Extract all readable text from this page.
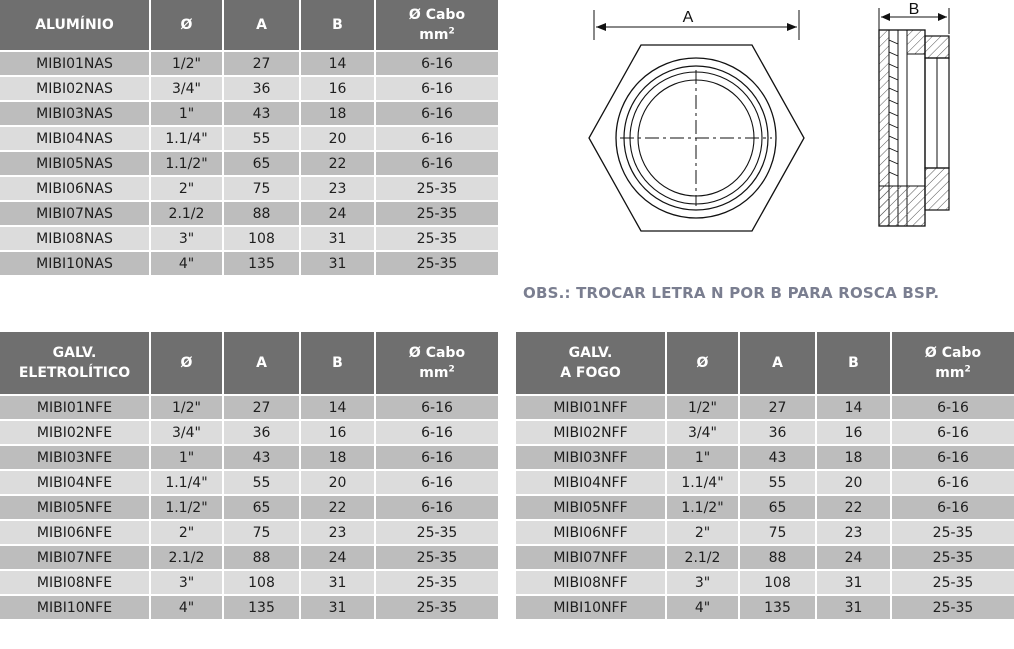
ALUMÍNIO	Ø	A	B	Ø Cabo
$mm^2$
MIBI01NAS	1/2"	27	14	6-16
MIBI02NAS	3/4"	36	16	6-16
MIBI03NAS	1"	43	18	6-16
MIBI04NAS	1.1/4"	55	20	6-16
MIBI05NAS	1.1/2"	65	22	6-16
MIBI06NAS	2"	75	23	25-35
MIBI07NAS	2.1/2	88	24	25-35
MIBI08NAS	3"	108	31	25-35
MIBI10NAS	4"	135	31	25-35
GALV.
ELETROLÍTICO	Ø	A	B	Ø Cabo
$mm^2$
MIBI01NFE	1/2"	27	14	6-16
MIBI02NFE	3/4"	36	16	6-16
MIBI03NFE	1"	43	18	6-16
MIBI04NFE	1.1/4"	55	20	6-16
MIBI05NFE	1.1/2"	65	22	6-16
MIBI06NFE	2"	75	23	25-35
MIBI07NFE	2.1/2	88	24	25-35
MIBI08NFE	3"	108	31	25-35
MIBI10NFE	4"	135	31	25-35
GALV.
A FOGO	Ø	A	B	Ø Cabo
$mm^2$
MIBI01NFF	1/2"	27	14	6-16
MIBI02NFF	3/4"	36	16	6-16
MIBI03NFF	1"	43	18	6-16
MIBI04NFF	1.1/4"	55	20	6-16
MIBI05NFF	1.1/2"	65	22	6-16
MIBI06NFF	2"	75	23	25-35
MIBI07NFF	2.1/2	88	24	25-35
MIBI08NFF	3"	108	31	25-35
MIBI10NFF	4"	135	31	25-35
OBS.: TROCAR LETRA N POR B PARA ROSCA BSP.
A	B
